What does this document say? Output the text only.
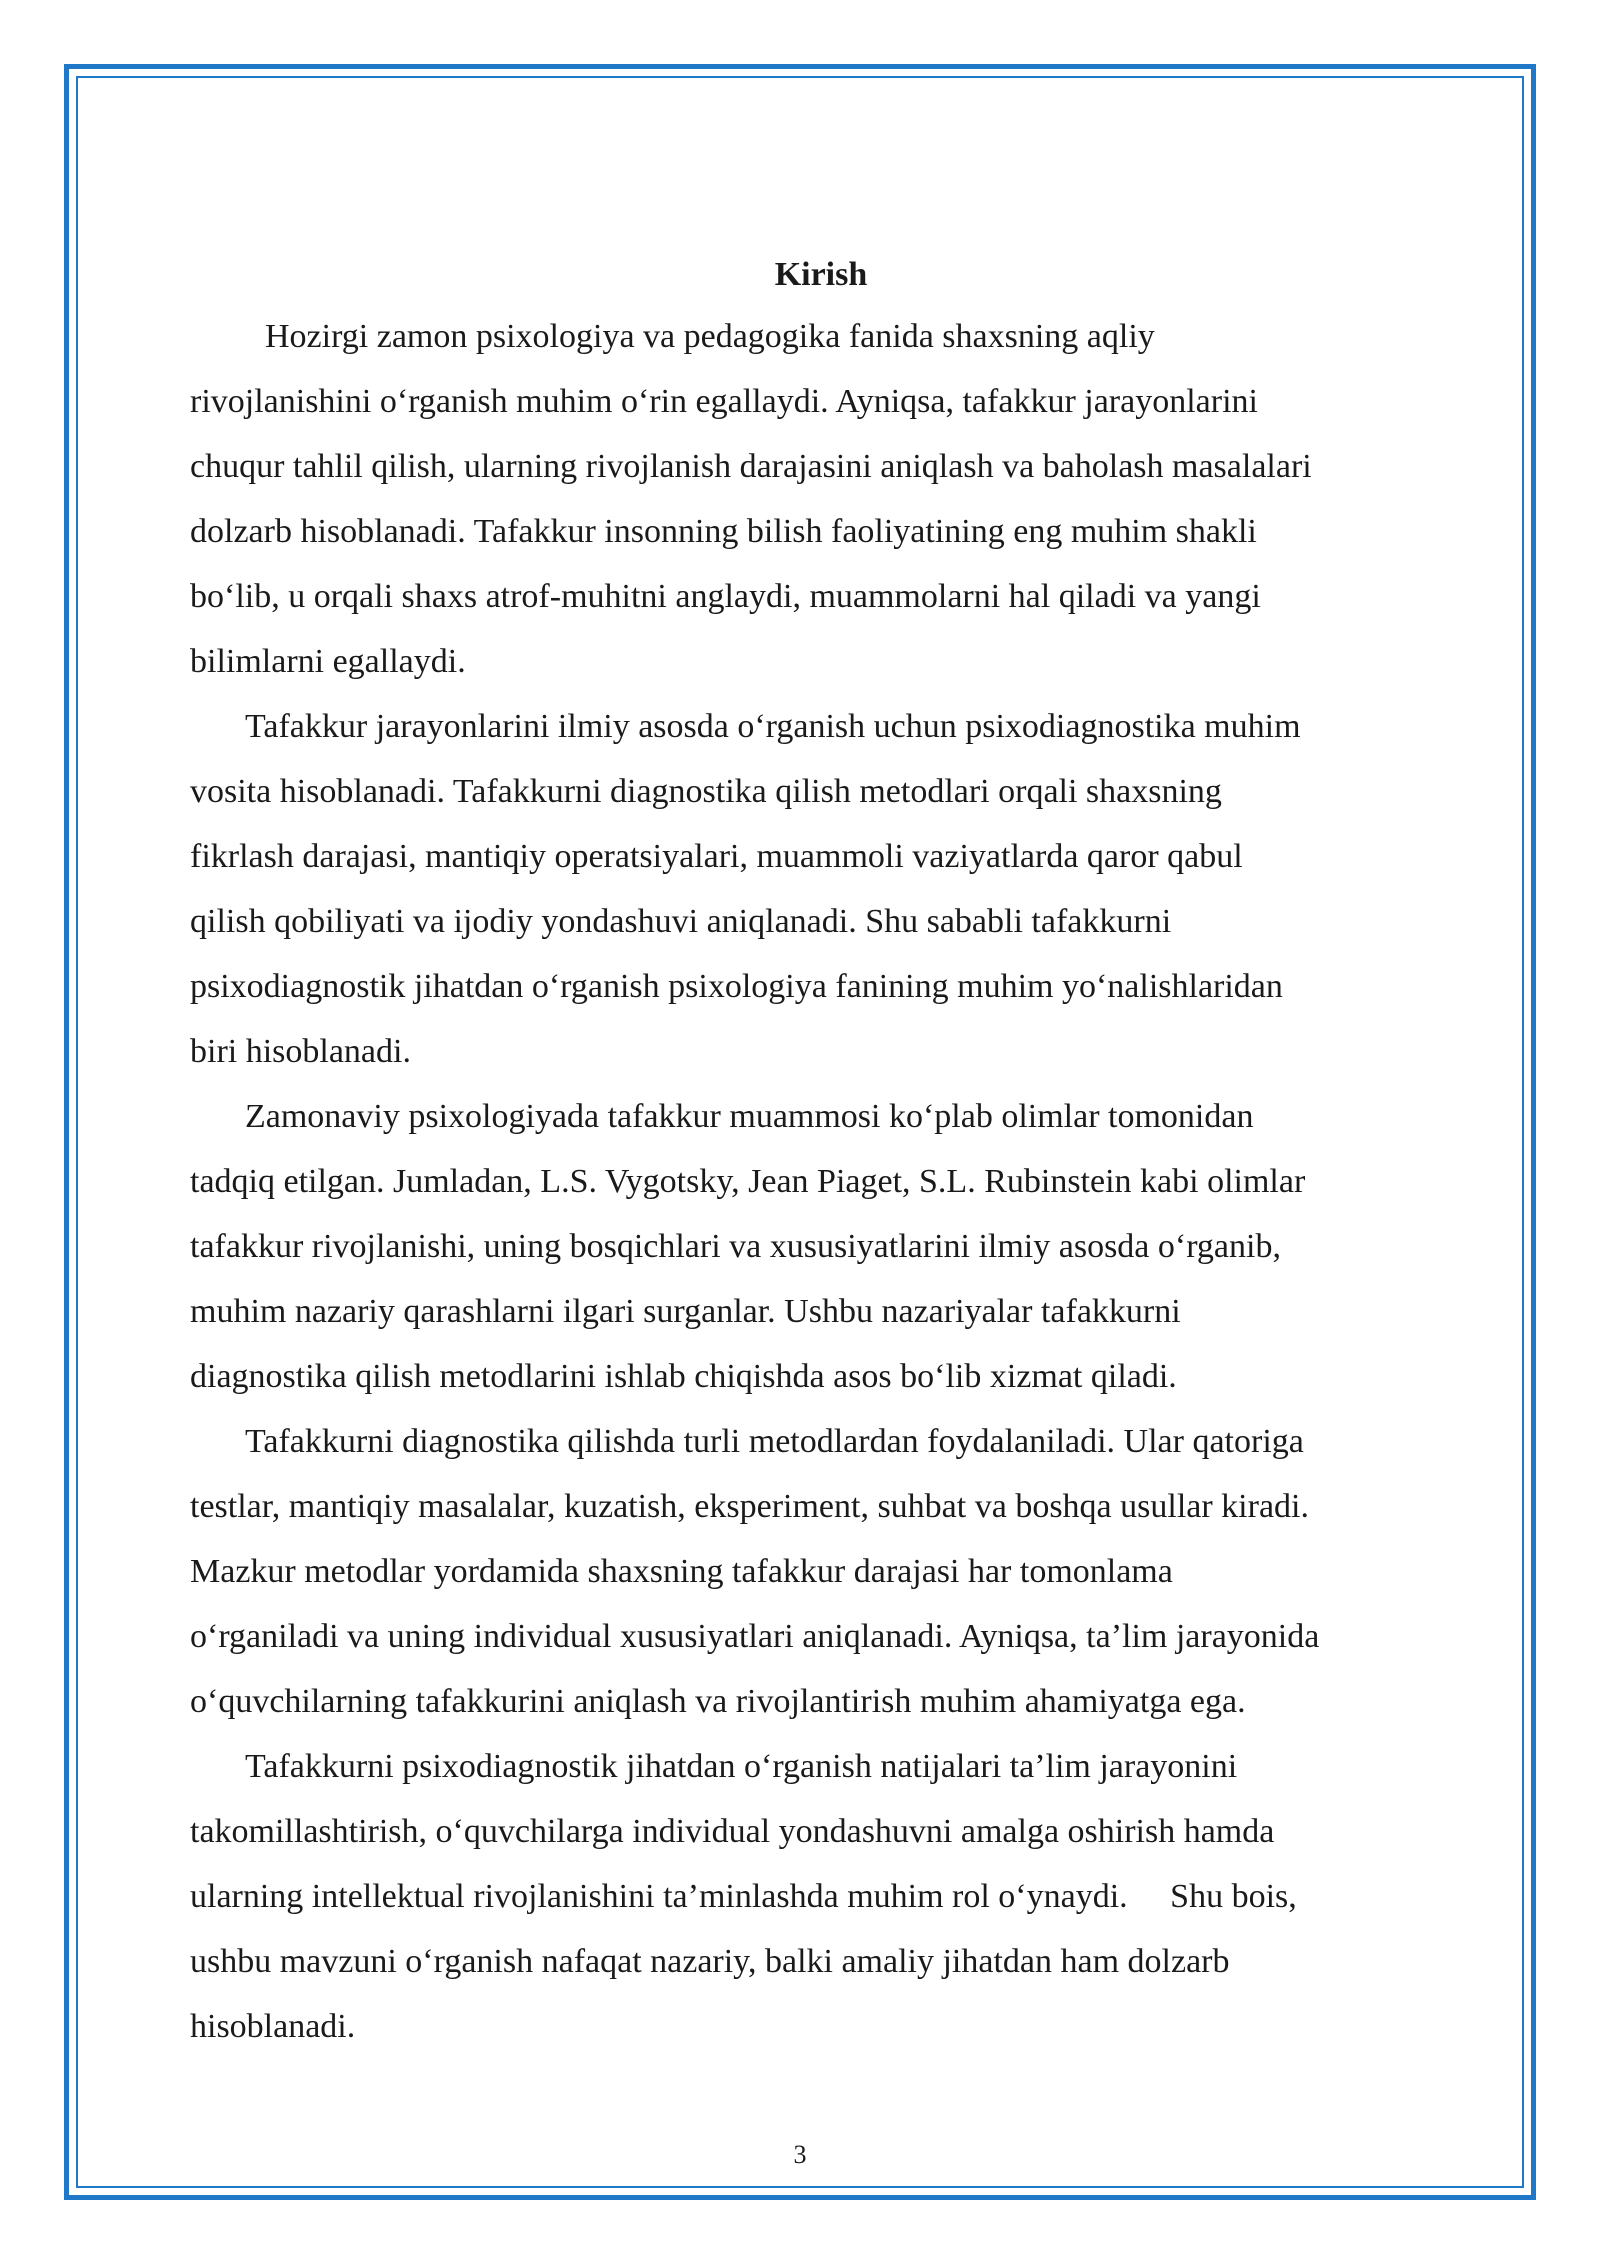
Kirish

Hozirgi zamon psixologiya va pedagogika fanida shaxsning aqliy
rivojlanishini o‘rganish muhim o‘rin egallaydi. Ayniqsa, tafakkur jarayonlarini
chuqur tahlil qilish, ularning rivojlanish darajasini aniqlash va baholash masalalari
dolzarb hisoblanadi. Tafakkur insonning bilish faoliyatining eng muhim shakli
bo‘lib, u orqali shaxs atrof-muhitni anglaydi, muammolarni hal qiladi va yangi
bilimlarni egallaydi.

Tafakkur jarayonlarini ilmiy asosda o‘rganish uchun psixodiagnostika muhim
vosita hisoblanadi. Tafakkurni diagnostika qilish metodlari orqali shaxsning
fikrlash darajasi, mantiqiy operatsiyalari, muammoli vaziyatlarda qaror qabul
qilish qobiliyati va ijodiy yondashuvi aniqlanadi. Shu sababli tafakkurni
psixodiagnostik jihatdan o‘rganish psixologiya fanining muhim yo‘nalishlaridan
biri hisoblanadi.

Zamonaviy psixologiyada tafakkur muammosi ko‘plab olimlar tomonidan
tadqiq etilgan. Jumladan, L.S. Vygotsky, Jean Piaget, S.L. Rubinstein kabi olimlar
tafakkur rivojlanishi, uning bosqichlari va xususiyatlarini ilmiy asosda o‘rganib,
muhim nazariy qarashlarni ilgari surganlar. Ushbu nazariyalar tafakkurni
diagnostika qilish metodlarini ishlab chiqishda asos bo‘lib xizmat qiladi.

Tafakkurni diagnostika qilishda turli metodlardan foydalaniladi. Ular qatoriga
testlar, mantiqiy masalalar, kuzatish, eksperiment, suhbat va boshqa usullar kiradi.
Mazkur metodlar yordamida shaxsning tafakkur darajasi har tomonlama
o‘rganiladi va uning individual xususiyatlari aniqlanadi. Ayniqsa, ta’lim jarayonida
o‘quvchilarning tafakkurini aniqlash va rivojlantirish muhim ahamiyatga ega.

Tafakkurni psixodiagnostik jihatdan o‘rganish natijalari ta’lim jarayonini
takomillashtirish, o‘quvchilarga individual yondashuvni amalga oshirish hamda
ularning intellektual rivojlanishini ta’minlashda muhim rol o‘ynaydi.     Shu bois,
ushbu mavzuni o‘rganish nafaqat nazariy, balki amaliy jihatdan ham dolzarb
hisoblanadi.

3
